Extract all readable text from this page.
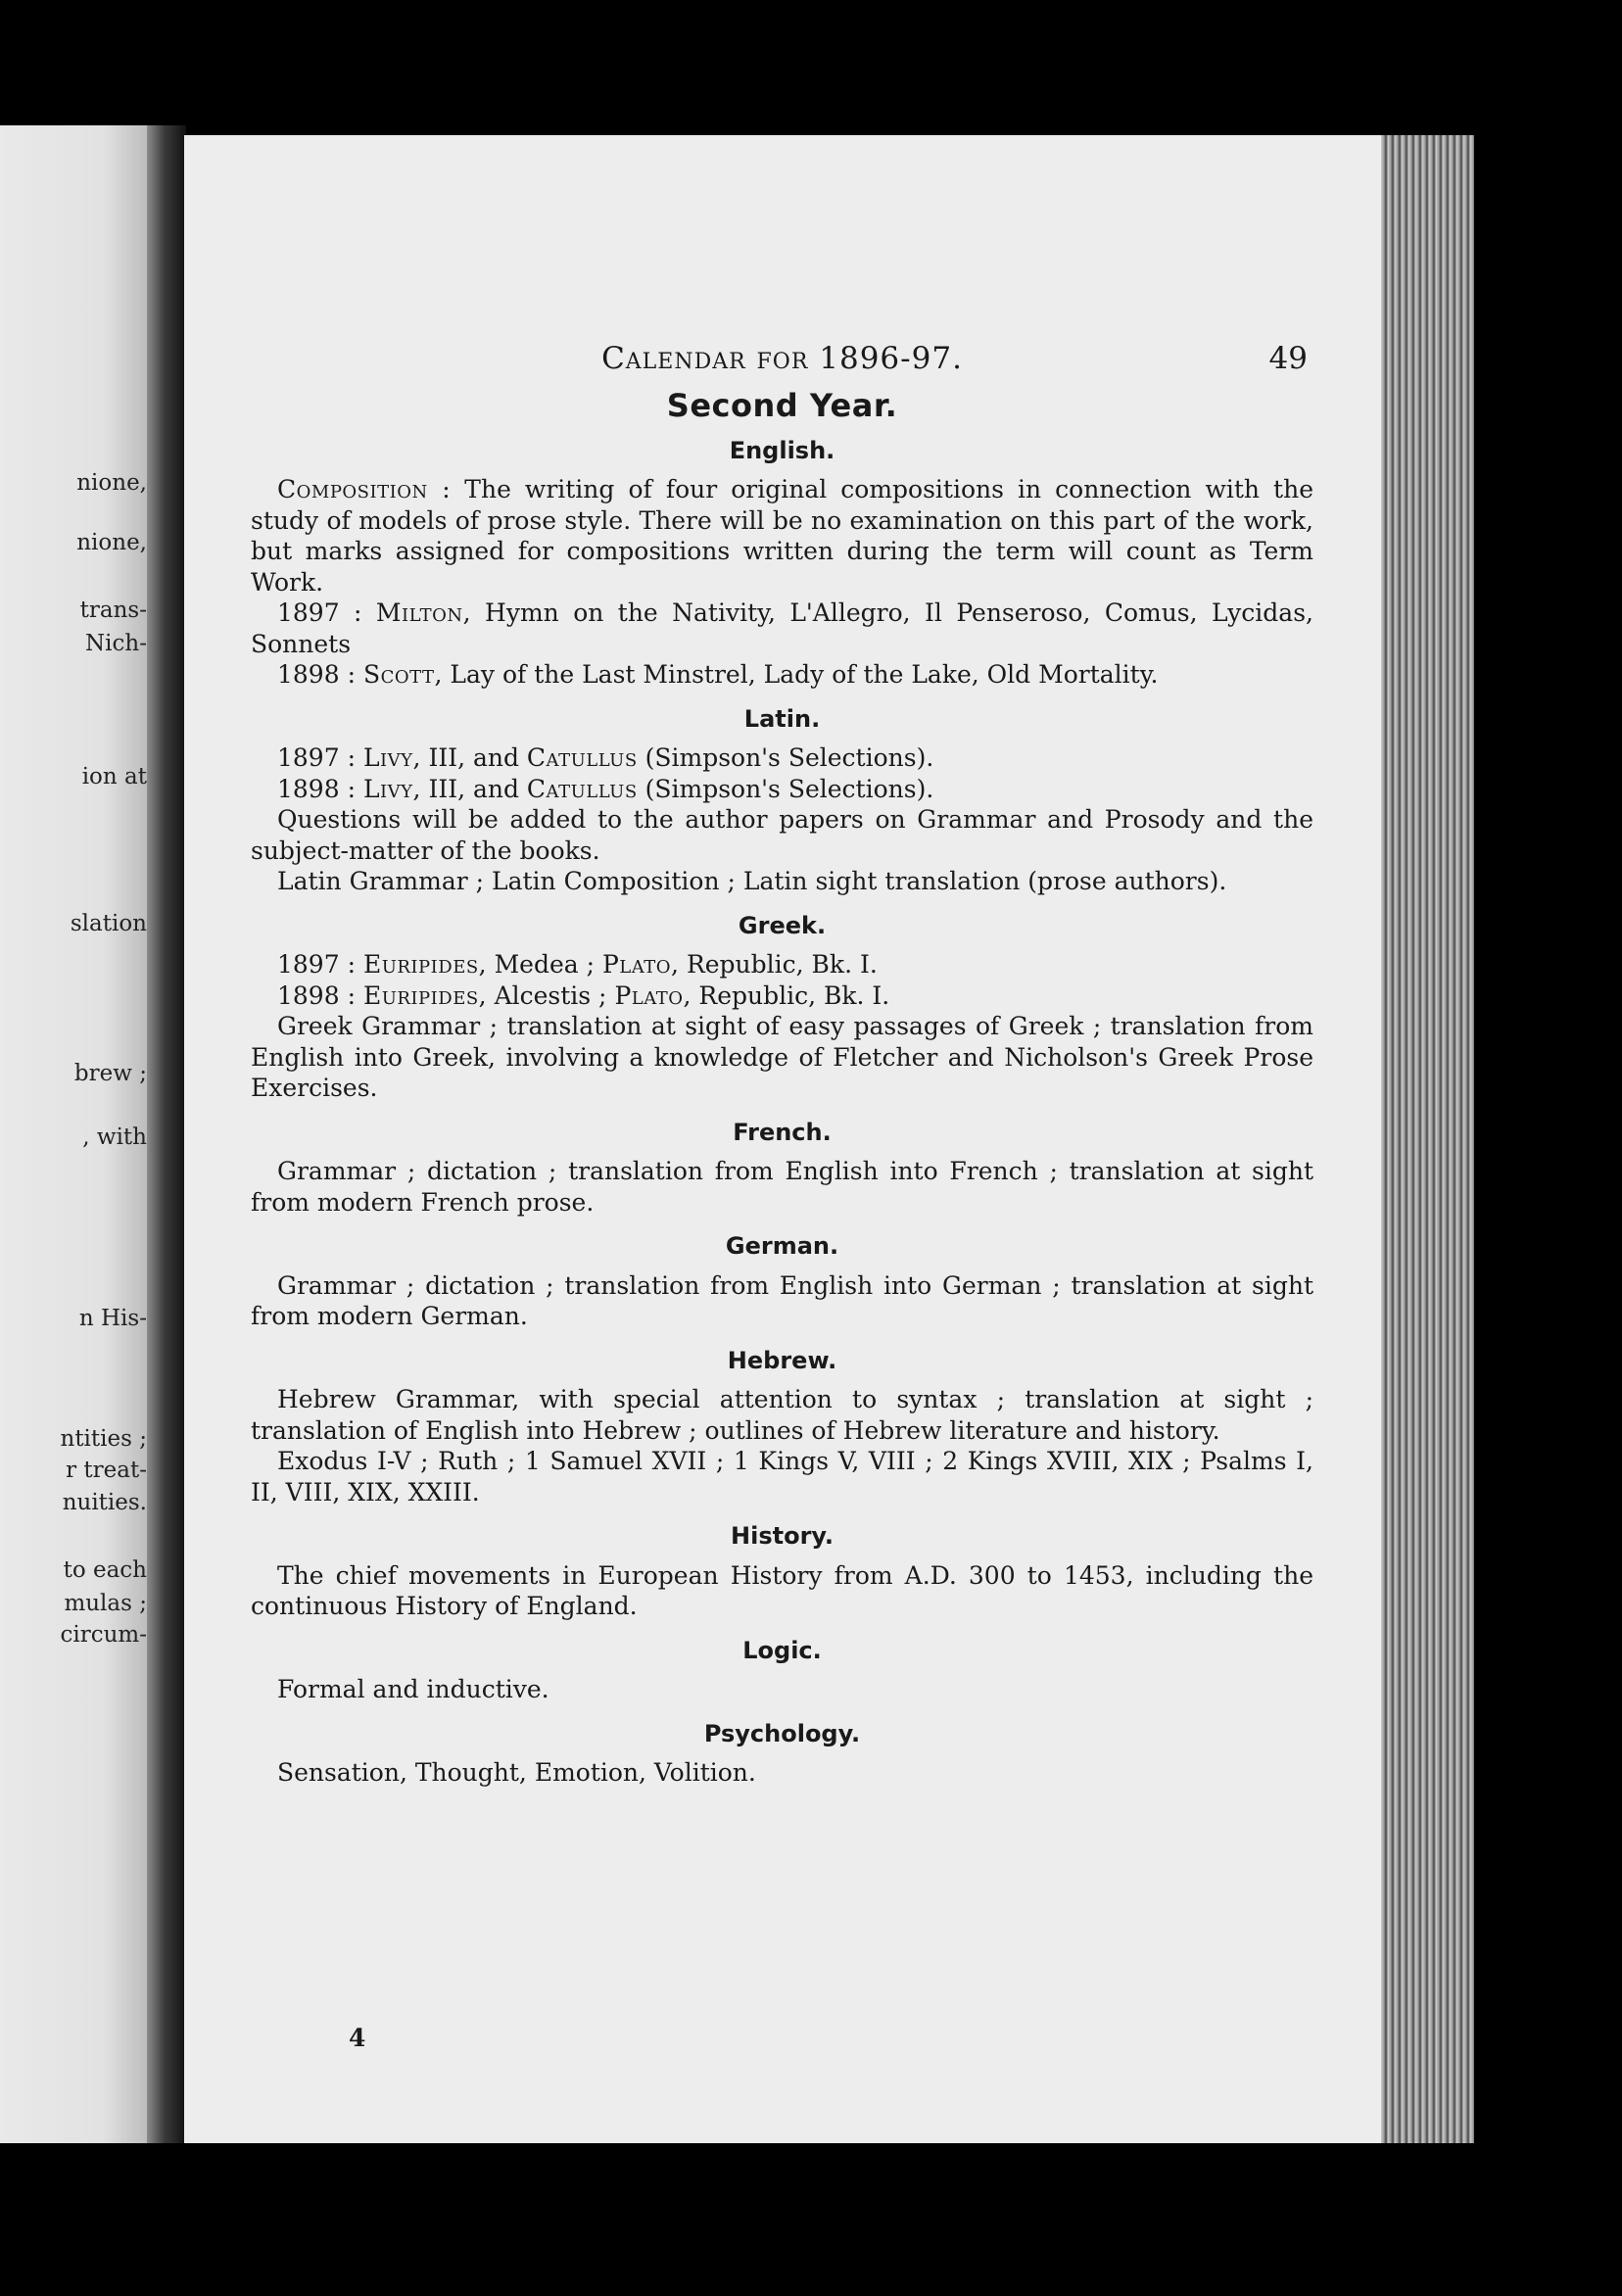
nione,
nione,
trans-
Nich-
ion at
slation
brew ;
, with
n His-
ntities ;
r treat-
nuities.
to each
mulas ;
circum-
Calendar for 1896-97.	49
Second Year.
English.

Composition : The writing of four original compositions in connection with the study of models of prose style. There will be no examination on this part of the work, but marks assigned for compositions written during the term will count as Term Work.

1897 : Milton, Hymn on the Nativity, L'Allegro, Il Penseroso, Comus, Lycidas, Sonnets

1898 : Scott, Lay of the Last Minstrel, Lady of the Lake, Old Mortality.

Latin.

1897 : Livy, III, and Catullus (Simpson's Selections).

1898 : Livy, III, and Catullus (Simpson's Selections).

Questions will be added to the author papers on Grammar and Prosody and the subject-matter of the books.

Latin Grammar ; Latin Composition ; Latin sight translation (prose authors).

Greek.

1897 : Euripides, Medea ; Plato, Republic, Bk. I.

1898 : Euripides, Alcestis ; Plato, Republic, Bk. I.

Greek Grammar ; translation at sight of easy passages of Greek ; translation from English into Greek, involving a knowledge of Fletcher and Nicholson's Greek Prose Exercises.

French.

Grammar ; dictation ; translation from English into French ; translation at sight from modern French prose.

German.

Grammar ; dictation ; translation from English into German ; translation at sight from modern German.

Hebrew.

Hebrew Grammar, with special attention to syntax ; translation at sight ; translation of English into Hebrew ; outlines of Hebrew literature and history.

Exodus I-V ; Ruth ; 1 Samuel XVII ; 1 Kings V, VIII ; 2 Kings XVIII, XIX ; Psalms I, II, VIII, XIX, XXIII.

History.

The chief movements in European History from A.D. 300 to 1453, including the continuous History of England.

Logic.

Formal and inductive.

Psychology.

Sensation, Thought, Emotion, Volition.

4
